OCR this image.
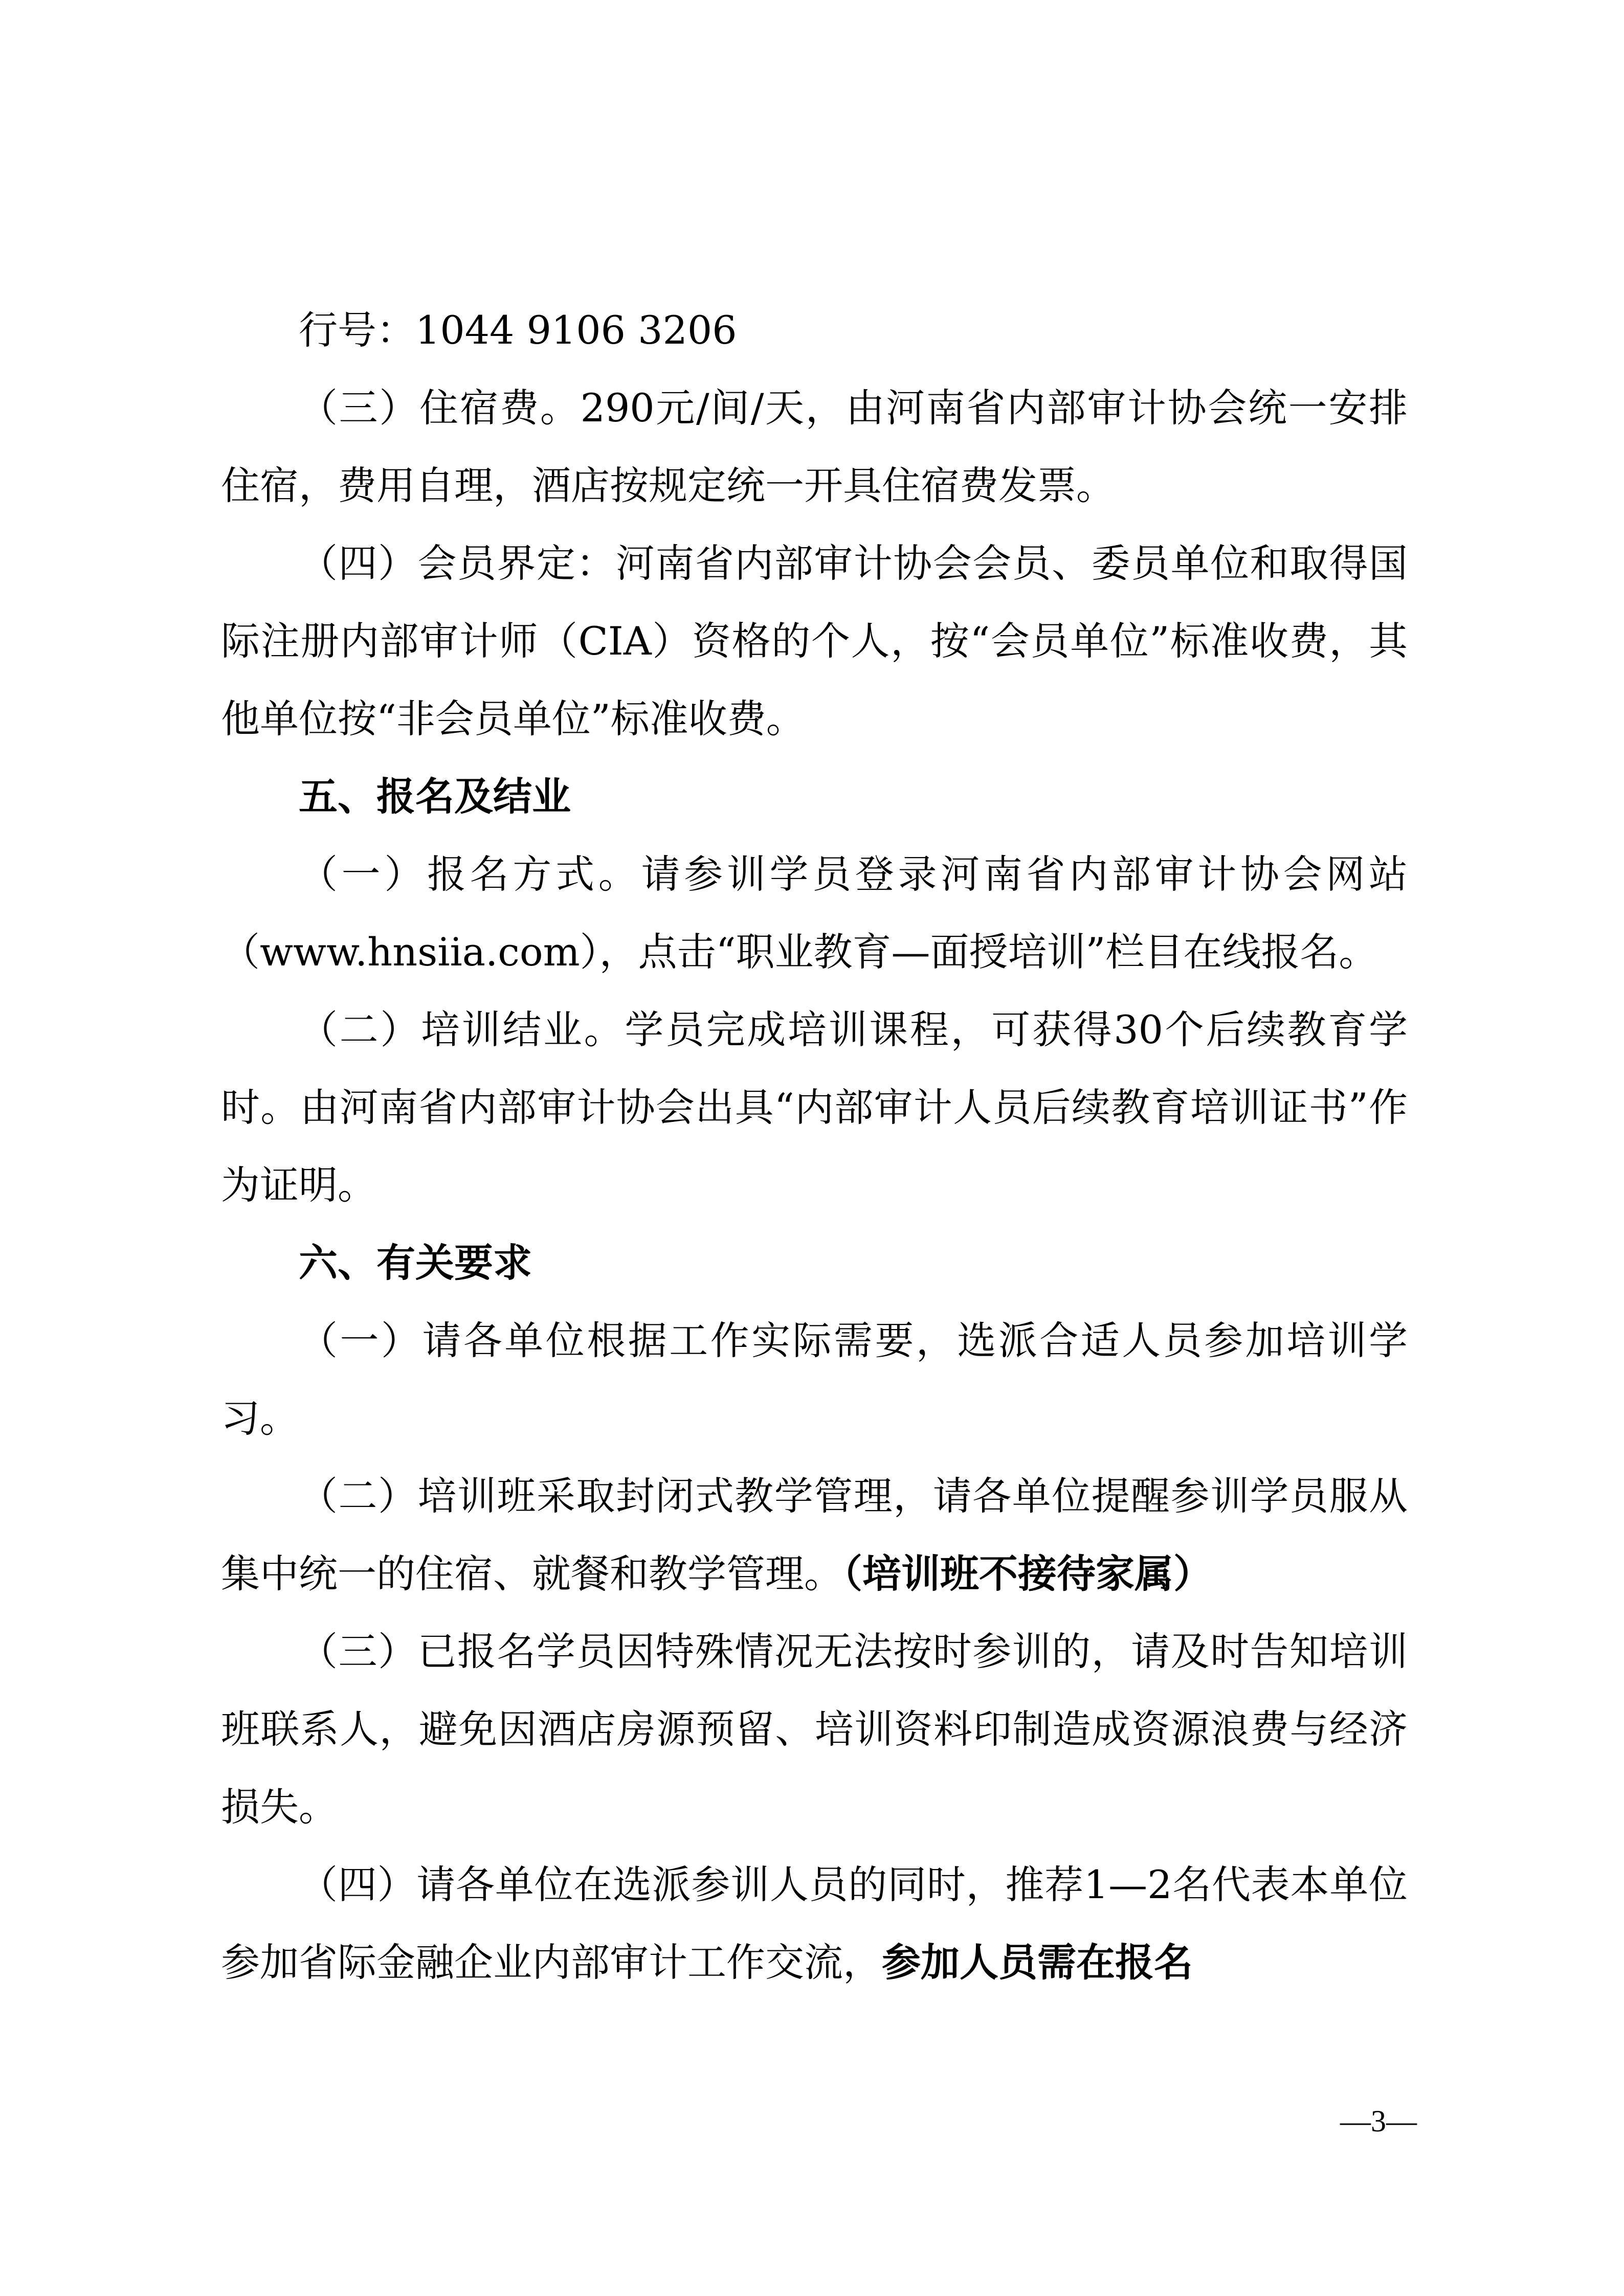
行号：1044 9106 3206

（三）住宿费。290元/间/天，由河南省内部审计协会统一安排住宿，费用自理，酒店按规定统一开具住宿费发票。

（四）会员界定：河南省内部审计协会会员、委员单位和取得国际注册内部审计师（CIA）资格的个人，按“会员单位”标准收费，其他单位按“非会员单位”标准收费。

五、报名及结业

（一）报名方式。请参训学员登录河南省内部审计协会网站（www.hnsiia.com），点击“职业教育—面授培训”栏目在线报名。

（二）培训结业。学员完成培训课程，可获得30个后续教育学时。由河南省内部审计协会出具“内部审计人员后续教育培训证书”作为证明。

六、有关要求

（一）请各单位根据工作实际需要，选派合适人员参加培训学习。

（二）培训班采取封闭式教学管理，请各单位提醒参训学员服从集中统一的住宿、就餐和教学管理。（培训班不接待家属）

（三）已报名学员因特殊情况无法按时参训的，请及时告知培训班联系人，避免因酒店房源预留、培训资料印制造成资源浪费与经济损失。

（四）请各单位在选派参训人员的同时，推荐1—2名代表本单位参加省际金融企业内部审计工作交流，参加人员需在报名

—3—
